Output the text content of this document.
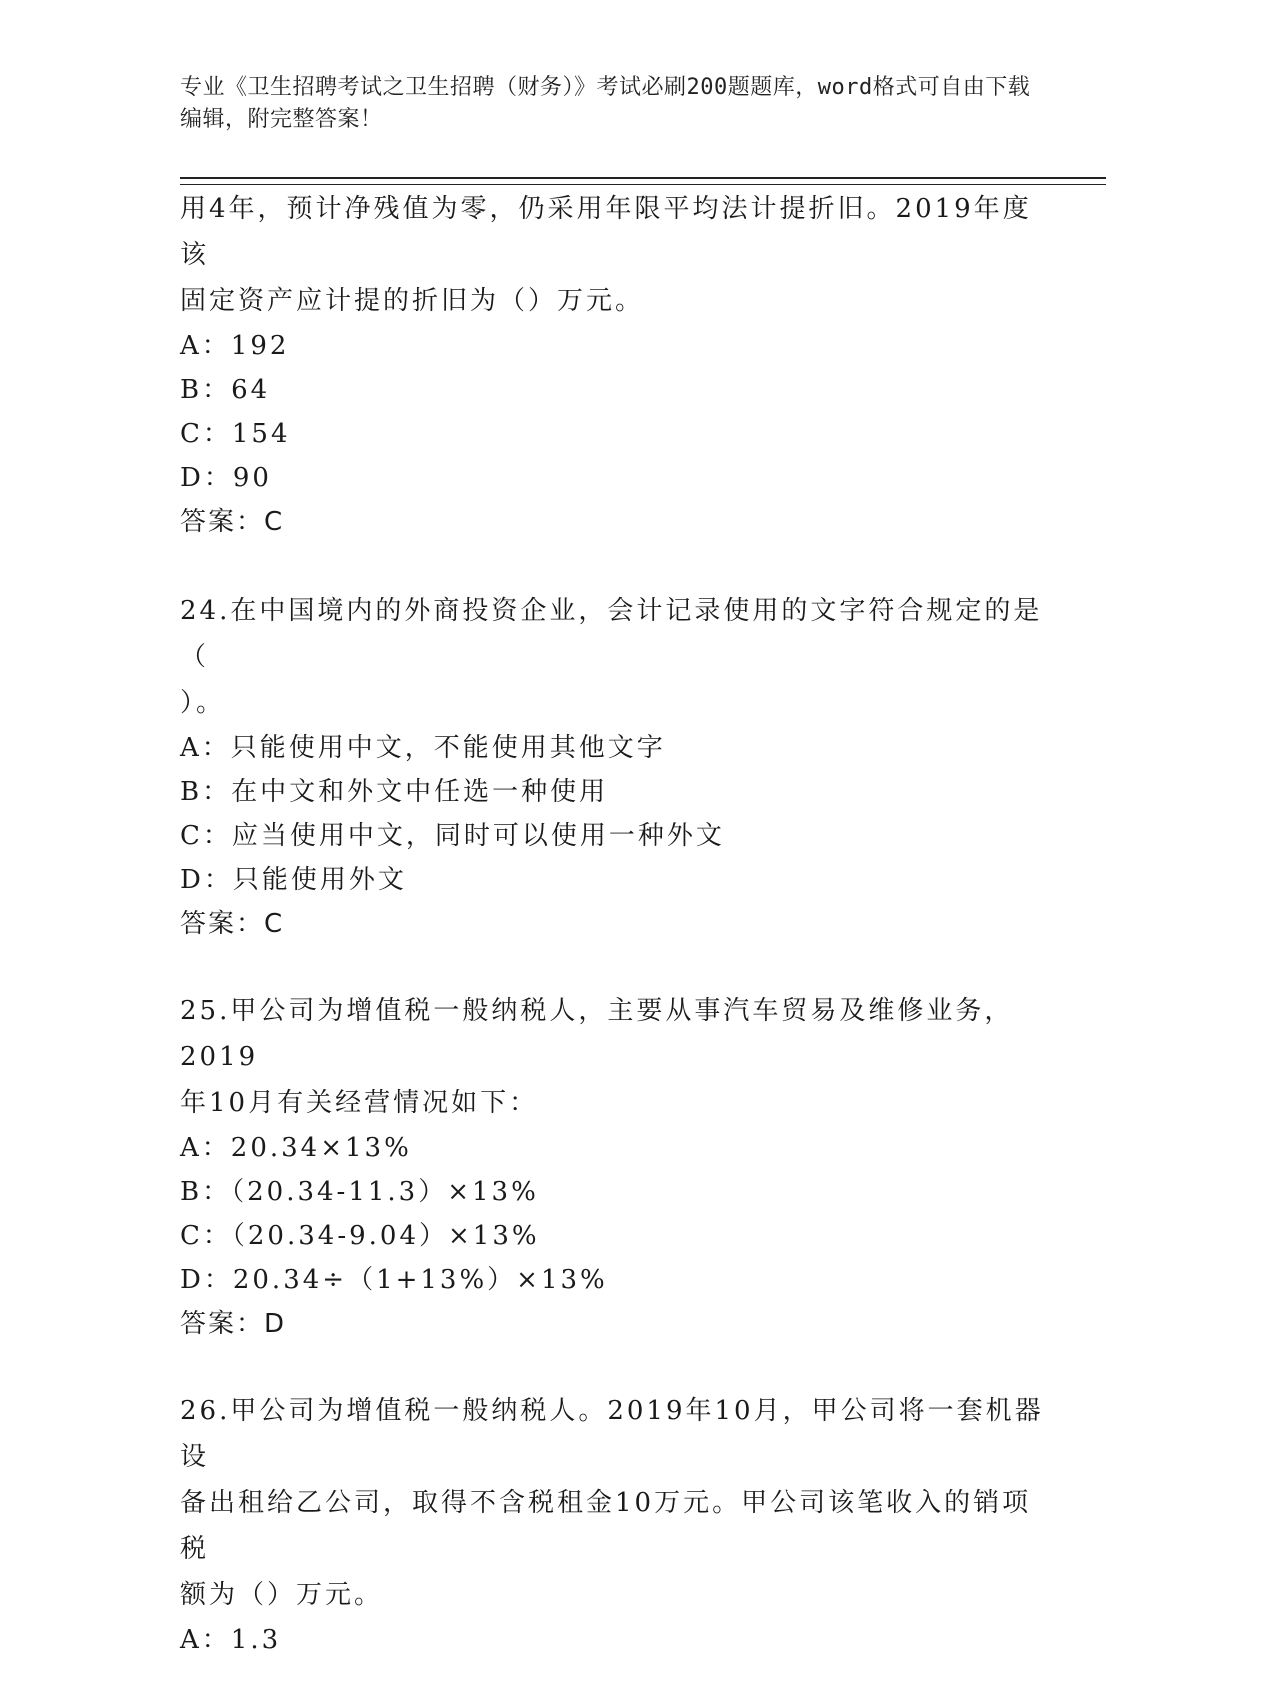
专业《卫生招聘考试之卫生招聘（财务）》考试必刷200题题库，word格式可自由下载编辑，附完整答案！

用4年，预计净残值为零，仍采用年限平均法计提折旧。2019年度该

固定资产应计提的折旧为（）万元。

A：192

B：64

C：154

D：90

答案：C

24.在中国境内的外商投资企业，会计记录使用的文字符合规定的是（

）。

A：只能使用中文，不能使用其他文字

B：在中文和外文中任选一种使用

C：应当使用中文，同时可以使用一种外文

D：只能使用外文

答案：C

25.甲公司为增值税一般纳税人，主要从事汽车贸易及维修业务，2019

年10月有关经营情况如下：

A：20.34×13%

B：（20.34-11.3）×13%

C：（20.34-9.04）×13%

D：20.34÷（1+13%）×13%

答案：D

26.甲公司为增值税一般纳税人。2019年10月，甲公司将一套机器设

备出租给乙公司，取得不含税租金10万元。甲公司该笔收入的销项税

额为（）万元。

A：1.3
